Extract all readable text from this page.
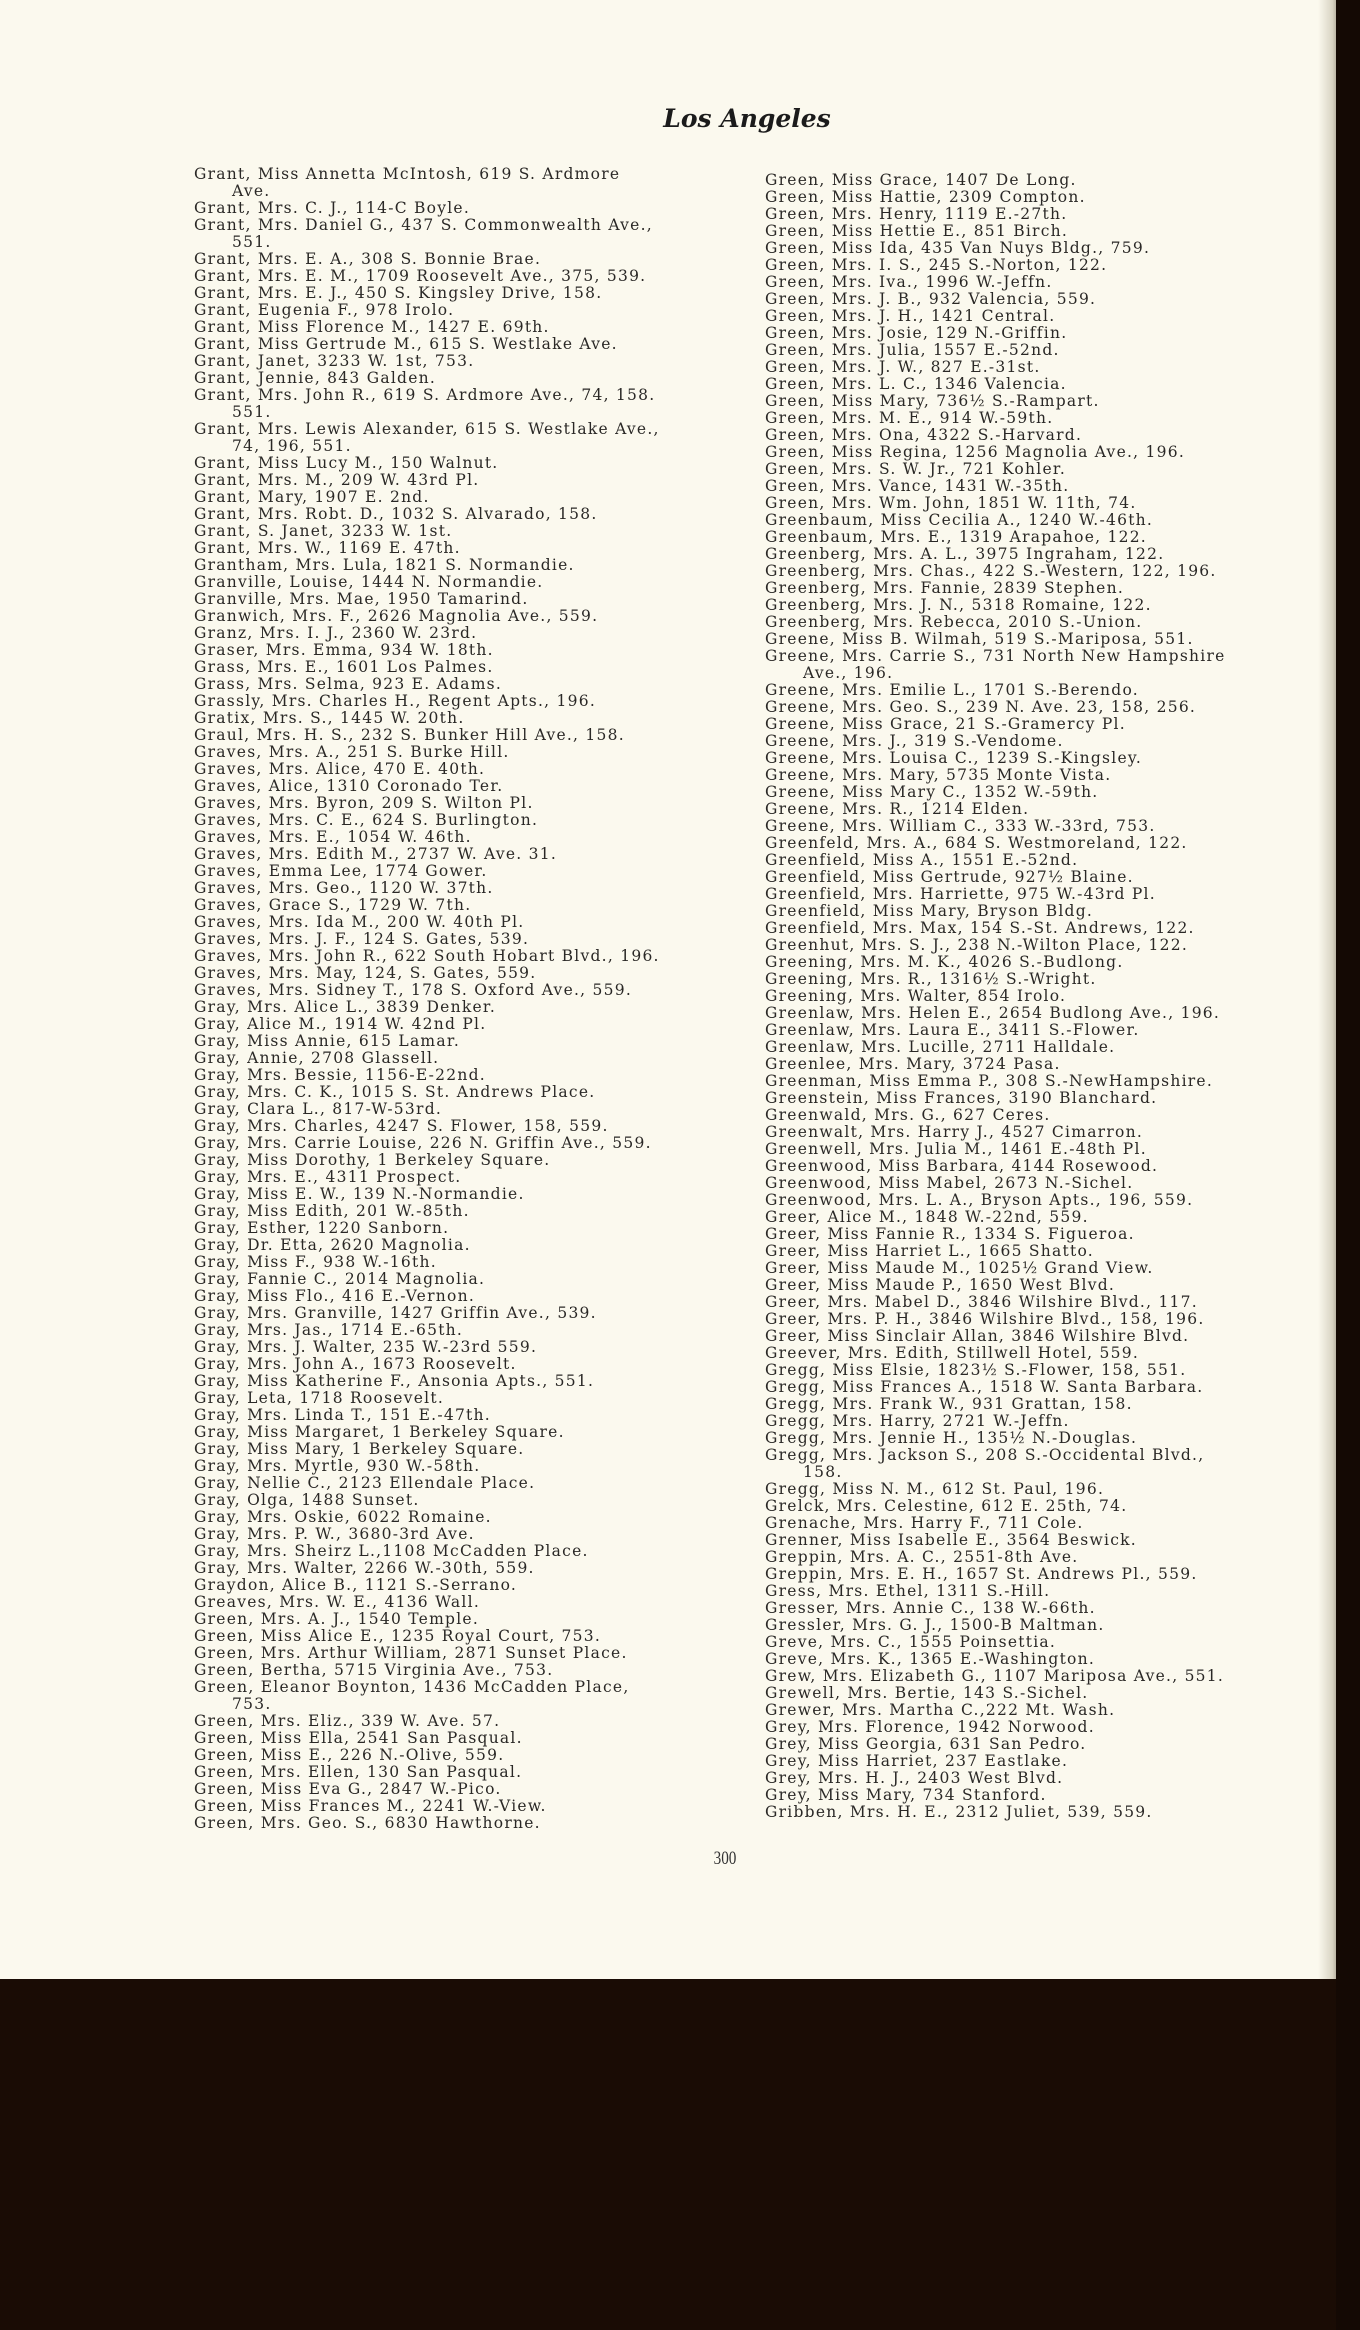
Los Angeles
Grant, Miss Annetta McIntosh, 619 S. Ardmore
Ave.
Grant, Mrs. C. J., 114-C Boyle.
Grant, Mrs. Daniel G., 437 S. Commonwealth Ave.,
551.
Grant, Mrs. E. A., 308 S. Bonnie Brae.
Grant, Mrs. E. M., 1709 Roosevelt Ave., 375, 539.
Grant, Mrs. E. J., 450 S. Kingsley Drive, 158.
Grant, Eugenia F., 978 Irolo.
Grant, Miss Florence M., 1427 E. 69th.
Grant, Miss Gertrude M., 615 S. Westlake Ave.
Grant, Janet, 3233 W. 1st, 753.
Grant, Jennie, 843 Galden.
Grant, Mrs. John R., 619 S. Ardmore Ave., 74, 158.
551.
Grant, Mrs. Lewis Alexander, 615 S. Westlake Ave.,
74, 196, 551.
Grant, Miss Lucy M., 150 Walnut.
Grant, Mrs. M., 209 W. 43rd Pl.
Grant, Mary, 1907 E. 2nd.
Grant, Mrs. Robt. D., 1032 S. Alvarado, 158.
Grant, S. Janet, 3233 W. 1st.
Grant, Mrs. W., 1169 E. 47th.
Grantham, Mrs. Lula, 1821 S. Normandie.
Granville, Louise, 1444 N. Normandie.
Granville, Mrs. Mae, 1950 Tamarind.
Granwich, Mrs. F., 2626 Magnolia Ave., 559.
Granz, Mrs. I. J., 2360 W. 23rd.
Graser, Mrs. Emma, 934 W. 18th.
Grass, Mrs. E., 1601 Los Palmes.
Grass, Mrs. Selma, 923 E. Adams.
Grassly, Mrs. Charles H., Regent Apts., 196.
Gratix, Mrs. S., 1445 W. 20th.
Graul, Mrs. H. S., 232 S. Bunker Hill Ave., 158.
Graves, Mrs. A., 251 S. Burke Hill.
Graves, Mrs. Alice, 470 E. 40th.
Graves, Alice, 1310 Coronado Ter.
Graves, Mrs. Byron, 209 S. Wilton Pl.
Graves, Mrs. C. E., 624 S. Burlington.
Graves, Mrs. E., 1054 W. 46th.
Graves, Mrs. Edith M., 2737 W. Ave. 31.
Graves, Emma Lee, 1774 Gower.
Graves, Mrs. Geo., 1120 W. 37th.
Graves, Grace S., 1729 W. 7th.
Graves, Mrs. Ida M., 200 W. 40th Pl.
Graves, Mrs. J. F., 124 S. Gates, 539.
Graves, Mrs. John R., 622 South Hobart Blvd., 196.
Graves, Mrs. May, 124, S. Gates, 559.
Graves, Mrs. Sidney T., 178 S. Oxford Ave., 559.
Gray, Mrs. Alice L., 3839 Denker.
Gray, Alice M., 1914 W. 42nd Pl.
Gray, Miss Annie, 615 Lamar.
Gray, Annie, 2708 Glassell.
Gray, Mrs. Bessie, 1156-E-22nd.
Gray, Mrs. C. K., 1015 S. St. Andrews Place.
Gray, Clara L., 817-W-53rd.
Gray, Mrs. Charles, 4247 S. Flower, 158, 559.
Gray, Mrs. Carrie Louise, 226 N. Griffin Ave., 559.
Gray, Miss Dorothy, 1 Berkeley Square.
Gray, Mrs. E., 4311 Prospect.
Gray, Miss E. W., 139 N.-Normandie.
Gray, Miss Edith, 201 W.-85th.
Gray, Esther, 1220 Sanborn.
Gray, Dr. Etta, 2620 Magnolia.
Gray, Miss F., 938 W.-16th.
Gray, Fannie C., 2014 Magnolia.
Gray, Miss Flo., 416 E.-Vernon.
Gray, Mrs. Granville, 1427 Griffin Ave., 539.
Gray, Mrs. Jas., 1714 E.-65th.
Gray, Mrs. J. Walter, 235 W.-23rd 559.
Gray, Mrs. John A., 1673 Roosevelt.
Gray, Miss Katherine F., Ansonia Apts., 551.
Gray, Leta, 1718 Roosevelt.
Gray, Mrs. Linda T., 151 E.-47th.
Gray, Miss Margaret, 1 Berkeley Square.
Gray, Miss Mary, 1 Berkeley Square.
Gray, Mrs. Myrtle, 930 W.-58th.
Gray, Nellie C., 2123 Ellendale Place.
Gray, Olga, 1488 Sunset.
Gray, Mrs. Oskie, 6022 Romaine.
Gray, Mrs. P. W., 3680-3rd Ave.
Gray, Mrs. Sheirz L.,1108 McCadden Place.
Gray, Mrs. Walter, 2266 W.-30th, 559.
Graydon, Alice B., 1121 S.-Serrano.
Greaves, Mrs. W. E., 4136 Wall.
Green, Mrs. A. J., 1540 Temple.
Green, Miss Alice E., 1235 Royal Court, 753.
Green, Mrs. Arthur William, 2871 Sunset Place.
Green, Bertha, 5715 Virginia Ave., 753.
Green, Eleanor Boynton, 1436 McCadden Place,
753.
Green, Mrs. Eliz., 339 W. Ave. 57.
Green, Miss Ella, 2541 San Pasqual.
Green, Miss E., 226 N.-Olive, 559.
Green, Mrs. Ellen, 130 San Pasqual.
Green, Miss Eva G., 2847 W.-Pico.
Green, Miss Frances M., 2241 W.-View.
Green, Mrs. Geo. S., 6830 Hawthorne.
Green, Miss Grace, 1407 De Long.
Green, Miss Hattie, 2309 Compton.
Green, Mrs. Henry, 1119 E.-27th.
Green, Miss Hettie E., 851 Birch.
Green, Miss Ida, 435 Van Nuys Bldg., 759.
Green, Mrs. I. S., 245 S.-Norton, 122.
Green, Mrs. Iva., 1996 W.-Jeffn.
Green, Mrs. J. B., 932 Valencia, 559.
Green, Mrs. J. H., 1421 Central.
Green, Mrs. Josie, 129 N.-Griffin.
Green, Mrs. Julia, 1557 E.-52nd.
Green, Mrs. J. W., 827 E.-31st.
Green, Mrs. L. C., 1346 Valencia.
Green, Miss Mary, 736½ S.-Rampart.
Green, Mrs. M. E., 914 W.-59th.
Green, Mrs. Ona, 4322 S.-Harvard.
Green, Miss Regina, 1256 Magnolia Ave., 196.
Green, Mrs. S. W. Jr., 721 Kohler.
Green, Mrs. Vance, 1431 W.-35th.
Green, Mrs. Wm. John, 1851 W. 11th, 74.
Greenbaum, Miss Cecilia A., 1240 W.-46th.
Greenbaum, Mrs. E., 1319 Arapahoe, 122.
Greenberg, Mrs. A. L., 3975 Ingraham, 122.
Greenberg, Mrs. Chas., 422 S.-Western, 122, 196.
Greenberg, Mrs. Fannie, 2839 Stephen.
Greenberg, Mrs. J. N., 5318 Romaine, 122.
Greenberg, Mrs. Rebecca, 2010 S.-Union.
Greene, Miss B. Wilmah, 519 S.-Mariposa, 551.
Greene, Mrs. Carrie S., 731 North New Hampshire
Ave., 196.
Greene, Mrs. Emilie L., 1701 S.-Berendo.
Greene, Mrs. Geo. S., 239 N. Ave. 23, 158, 256.
Greene, Miss Grace, 21 S.-Gramercy Pl.
Greene, Mrs. J., 319 S.-Vendome.
Greene, Mrs. Louisa C., 1239 S.-Kingsley.
Greene, Mrs. Mary, 5735 Monte Vista.
Greene, Miss Mary C., 1352 W.-59th.
Greene, Mrs. R., 1214 Elden.
Greene, Mrs. William C., 333 W.-33rd, 753.
Greenfeld, Mrs. A., 684 S. Westmoreland, 122.
Greenfield, Miss A., 1551 E.-52nd.
Greenfield, Miss Gertrude, 927½ Blaine.
Greenfield, Mrs. Harriette, 975 W.-43rd Pl.
Greenfield, Miss Mary, Bryson Bldg.
Greenfield, Mrs. Max, 154 S.-St. Andrews, 122.
Greenhut, Mrs. S. J., 238 N.-Wilton Place, 122.
Greening, Mrs. M. K., 4026 S.-Budlong.
Greening, Mrs. R., 1316½ S.-Wright.
Greening, Mrs. Walter, 854 Irolo.
Greenlaw, Mrs. Helen E., 2654 Budlong Ave., 196.
Greenlaw, Mrs. Laura E., 3411 S.-Flower.
Greenlaw, Mrs. Lucille, 2711 Halldale.
Greenlee, Mrs. Mary, 3724 Pasa.
Greenman, Miss Emma P., 308 S.-NewHampshire.
Greenstein, Miss Frances, 3190 Blanchard.
Greenwald, Mrs. G., 627 Ceres.
Greenwalt, Mrs. Harry J., 4527 Cimarron.
Greenwell, Mrs. Julia M., 1461 E.-48th Pl.
Greenwood, Miss Barbara, 4144 Rosewood.
Greenwood, Miss Mabel, 2673 N.-Sichel.
Greenwood, Mrs. L. A., Bryson Apts., 196, 559.
Greer, Alice M., 1848 W.-22nd, 559.
Greer, Miss Fannie R., 1334 S. Figueroa.
Greer, Miss Harriet L., 1665 Shatto.
Greer, Miss Maude M., 1025½ Grand View.
Greer, Miss Maude P., 1650 West Blvd.
Greer, Mrs. Mabel D., 3846 Wilshire Blvd., 117.
Greer, Mrs. P. H., 3846 Wilshire Blvd., 158, 196.
Greer, Miss Sinclair Allan, 3846 Wilshire Blvd.
Greever, Mrs. Edith, Stillwell Hotel, 559.
Gregg, Miss Elsie, 1823½ S.-Flower, 158, 551.
Gregg, Miss Frances A., 1518 W. Santa Barbara.
Gregg, Mrs. Frank W., 931 Grattan, 158.
Gregg, Mrs. Harry, 2721 W.-Jeffn.
Gregg, Mrs. Jennie H., 135½ N.-Douglas.
Gregg, Mrs. Jackson S., 208 S.-Occidental Blvd.,
158.
Gregg, Miss N. M., 612 St. Paul, 196.
Grelck, Mrs. Celestine, 612 E. 25th, 74.
Grenache, Mrs. Harry F., 711 Cole.
Grenner, Miss Isabelle E., 3564 Beswick.
Greppin, Mrs. A. C., 2551-8th Ave.
Greppin, Mrs. E. H., 1657 St. Andrews Pl., 559.
Gress, Mrs. Ethel, 1311 S.-Hill.
Gresser, Mrs. Annie C., 138 W.-66th.
Gressler, Mrs. G. J., 1500-B Maltman.
Greve, Mrs. C., 1555 Poinsettia.
Greve, Mrs. K., 1365 E.-Washington.
Grew, Mrs. Elizabeth G., 1107 Mariposa Ave., 551.
Grewell, Mrs. Bertie, 143 S.-Sichel.
Grewer, Mrs. Martha C.,222 Mt. Wash.
Grey, Mrs. Florence, 1942 Norwood.
Grey, Miss Georgia, 631 San Pedro.
Grey, Miss Harriet, 237 Eastlake.
Grey, Mrs. H. J., 2403 West Blvd.
Grey, Miss Mary, 734 Stanford.
Gribben, Mrs. H. E., 2312 Juliet, 539, 559.
300
